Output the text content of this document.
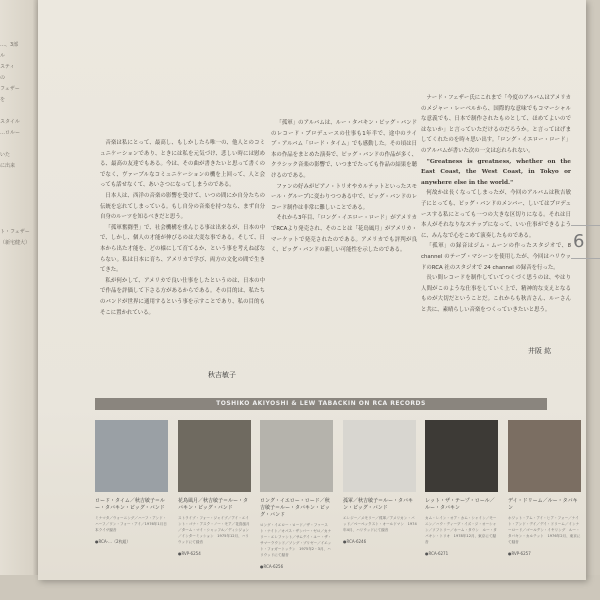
…、3部
ル
スティ
の
フェザー
を

スタイル
…ロルー

いた
に出来

ト・フェザー
（新宅健大）

音楽は私にとって、最高し、もしかしたら唯一の、他人とのコミュニケーションであり、ときには私を元気づけ、悲しい時には慰める、最高の友達でもある。今は、その曲が書きたいと思って書くのでなく、ヴァーブルなコミュニケーションの機を上回って、人と会っても話せなくて、あいさつになってしまうのである。

日本人は、西洋の音楽の影響を受けて、いつの間にか自分たちの伝統を忘れてしまっている。もし自分の音楽を持つなら、まず自分自身のルーツを知るべきだと思う。

「孤軍奮闘型」で、社会機構を重んじる事は出来るが、日本の中で、しかし、個人の才能が伸びるのは大変な事である。そして、日本から出た才能を、どの様にして育てるか、という事を考えねばならない。私は日本に育ち、アメリカで学び、両方の文化の間で生きてきた。

私が何かして、アメリカで良い仕事をしたというのは、日本の中で作品を評価して下さる方があるからである。その目的は、私たちのバンドが世界に通用するという事を示すことであり、私の目的もそこに置かれている。

秋吉敏子

「孤軍」のアルバムは、ルー・タバキン・ビッグ・バンドのレコード・プロデュースの仕事も1年半で、途中のライブ・アルバム「ロード・タイム」でも感動した。その頃は日本の作品をまとめた演奏で、ピッグ・バンドの作品が多く、クラシック音楽の影響で、いつまでたっても作品の結果を聴けるのである。

ファンの好みがピアノ・トリオやカルテットといったスモール・グループに変わりつつある中で、ビッグ・バンドのレコード制作は非常に難しいことである。

それから3年目、「ロング・イエロー・ロード」がアメリカでRCAより発売され、そのことは「花鳥風月」がアメリカ・マーケットで発売されたのである。アメリカでも評判が良く、ビッグ・バンドの新しい可能性を示したのである。

ナード・フェザー氏にこれまで「今度のアルバムはアメリカのメジャー・レーベルから、国際的な意味でもコマーシャルな意義でも、日本で制作されたものとして、ほめてよいのではないか」と言っていただけるのだろうか。と言ってはげましてくれたのを時々思い出す。「ロング・イエロー・ロード」のアルバムが書いた次の一文は忘れられない。

"Greatness is greatness, whether on the East Coast, the West Coast, in Tokyo or anywhere else in the world."

何故かは長くなってしまったが、今回のアルバムは秋吉敏子にとっても、ピッグ・バンドのメンバー、しいてはプロデュースする私にとっても一つの大きな区切りになる。それは日本人がそれなりなステップになって、いい仕事ができるように、みんなで心をこめて演奏したものである。

「孤軍」の録音はジム・ムーンの作ったスタジオで、8 channel のテープ・マシーンを使用したが、今回はハリウッドのRCA 社のスタジオで 24 channel の録音を行った。

長い間レコードを制作していてつくづく思うのは、やはり人間がこのような仕事をしていく上で、精神的な支えとなるものが大切だということだ。これからも秋吉さん、ルーさんと共に、素晴らしい音楽をつくっていきたいと思う。

井阪 紘
6
TOSHIKO AKIYOSHI & LEW TABACKIN ON RCA RECORDS
ロード・タイム／秋吉敏子＝ルー・タバキン・ビッグ・バンド
ミナマタ／ウォーニング／ハーフ・アンド・ハーフ／ワン・フォー・アイ／1976年1月日本ライヴ録音
●RCA-…（2枚組）
花鳥風月／秋吉敏子＝ルー・タバキン・ビッグ・バンド
ストライブ・フォー・ジャイブ／アイ・エイント・ゴナ・アスク・ノー・モア／花鳥風月／ターム・マイ・シャッフル／ディシジョン／インターミッション　1975年12月、ハリウッドにて録音
●RVP-6254
ロング・イエロー・ロード／秋吉敏子＝ルー・タバキン・ビッグ・バンド
ロング・イエロー・ロード／ザ・ファースト・ナイト／オパス・ザンバー・ゼロ／カナリー・エレファント／サムデイ・ユー・ザ・サマーラウンド／ソング・ブリゼー／イエット・フォガートッテン　1975年2・3月、ハリウッドにて録音
●RCA-6256
孤軍／秋吉敏子＝ルー・タバキン・ビッグ・バンド
エレジー／メモリー／孤軍／アメリカン・バッド／ペーペックスト・オールドマン　1974年4月、ハリウッドにて録音
●RCA-6246
レット・ザ・テープ・ロール／ルー・タバキン
カム・レイン・オア・カム・シャイン／モーニン／ハウ・ディープ・イズ・ジ・オーシャン／ソフトリー／ホーム・タウン　ルー・タバキン・トリオ　1978年12月、東京にて録音
●RCA-6271
デイ・ドリーム／ルー・タバキン
ホワット・アム・アイ・ヒア・フォー／ナイト・アンド・デイ／デイ・ドリーム／インナーロード／ゴールデン・イヤリング　ルー・タバキン・カルテット　1976年2月、東京にて録音
●RVP-6257
